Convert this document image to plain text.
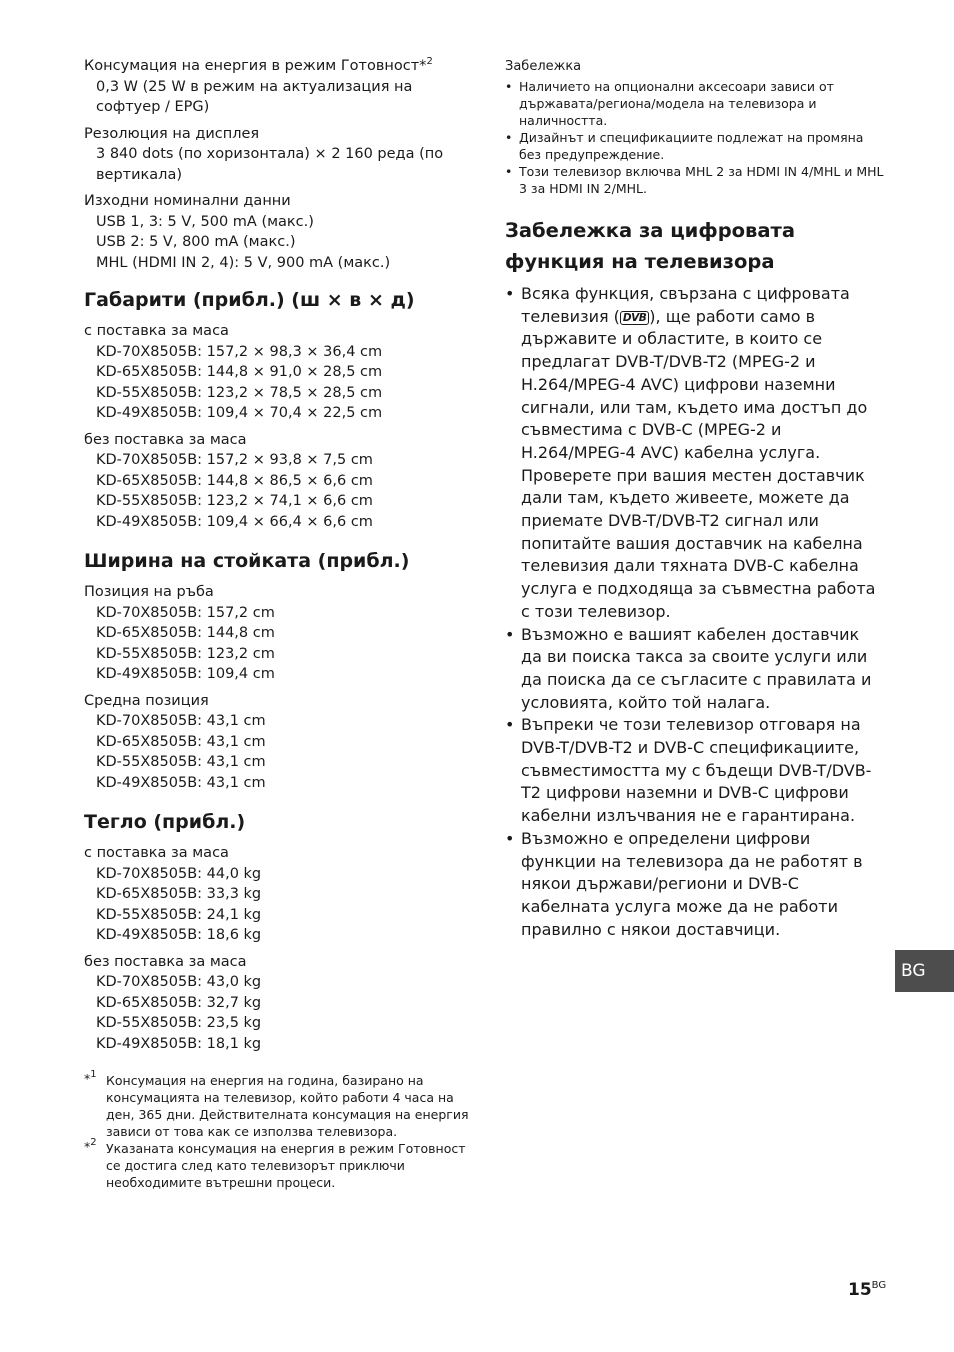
Консумация на енергия в режим Готовност*$^2$
0,3 W (25 W в режим на актуализация на
софтуер / EPG)
Резолюция на дисплея
3 840 dots (по хоризонтала) × 2 160 реда (по
вертикала)
Изходни номинални данни
USB 1, 3: 5 V, 500 mA (макс.)
USB 2: 5 V, 800 mA (макс.)
MHL (HDMI IN 2, 4): 5 V, 900 mA (макс.)
Габарити (прибл.) (ш × в × д)
с поставка за маса
KD-70X8505B: 157,2 × 98,3 × 36,4 cm
KD-65X8505B: 144,8 × 91,0 × 28,5 cm
KD-55X8505B: 123,2 × 78,5 × 28,5 cm
KD-49X8505B: 109,4 × 70,4 × 22,5 cm
без поставка за маса
KD-70X8505B: 157,2 × 93,8 × 7,5 cm
KD-65X8505B: 144,8 × 86,5 × 6,6 cm
KD-55X8505B: 123,2 × 74,1 × 6,6 cm
KD-49X8505B: 109,4 × 66,4 × 6,6 cm
Ширина на стойката (прибл.)
Позиция на ръба
KD-70X8505B: 157,2 cm
KD-65X8505B: 144,8 cm
KD-55X8505B: 123,2 cm
KD-49X8505B: 109,4 cm
Средна позиция
KD-70X8505B: 43,1 cm
KD-65X8505B: 43,1 cm
KD-55X8505B: 43,1 cm
KD-49X8505B: 43,1 cm
Тегло (прибл.)
с поставка за маса
KD-70X8505B: 44,0 kg
KD-65X8505B: 33,3 kg
KD-55X8505B: 24,1 kg
KD-49X8505B: 18,6 kg
без поставка за маса
KD-70X8505B: 43,0 kg
KD-65X8505B: 32,7 kg
KD-55X8505B: 23,5 kg
KD-49X8505B: 18,1 kg
*$^1$ Консумация на енергия на година, базирано на консумацията на телевизор, който работи 4 часа на ден, 365 дни. Действителната консумация на енергия зависи от това как се използва телевизора.
*$^2$ Указаната консумация на енергия в режим Готовност се достига след като телевизорът приключи необходимите вътрешни процеси.
Забележка
• Наличието на опционални аксесоари зависи от държавата/региона/модела на телевизора и наличността.
• Дизайнът и спецификациите подлежат на промяна без предупреждение.
• Този телевизор включва MHL 2 за HDMI IN 4/MHL и MHL 3 за HDMI IN 2/MHL.
Забележка за цифровата функция на телевизора
• Всяка функция, свързана с цифровата телевизия ( DVB ), ще работи само в държавите и областите, в които се предлагат DVB-T/DVB-T2 (MPEG-2 и H.264/MPEG-4 AVC) цифрови наземни сигнали, или там, където има достъп до съвместима с DVB-C (MPEG-2 и H.264/MPEG-4 AVC) кабелна услуга. Проверете при вашия местен доставчик дали там, където живеете, можете да приемате DVB-T/DVB-T2 сигнал или попитайте вашия доставчик на кабелна телевизия дали тяхната DVB-C кабелна услуга е подходяща за съвместна работа с този телевизор.
• Възможно е вашият кабелен доставчик да ви поиска такса за своите услуги или да поиска да се съгласите с правилата и условията, който той налага.
• Въпреки че този телевизор отговаря на DVB-T/DVB-T2 и DVB-C спецификациите, съвместимостта му с бъдещи DVB-T/DVB-T2 цифрови наземни и DVB-C цифрови кабелни излъчвания не е гарантирана.
• Възможно е определени цифрови функции на телевизора да не работят в някои държави/региони и DVB-C кабелната услуга може да не работи правилно с някои доставчици.
BG
$15^{BG}$
